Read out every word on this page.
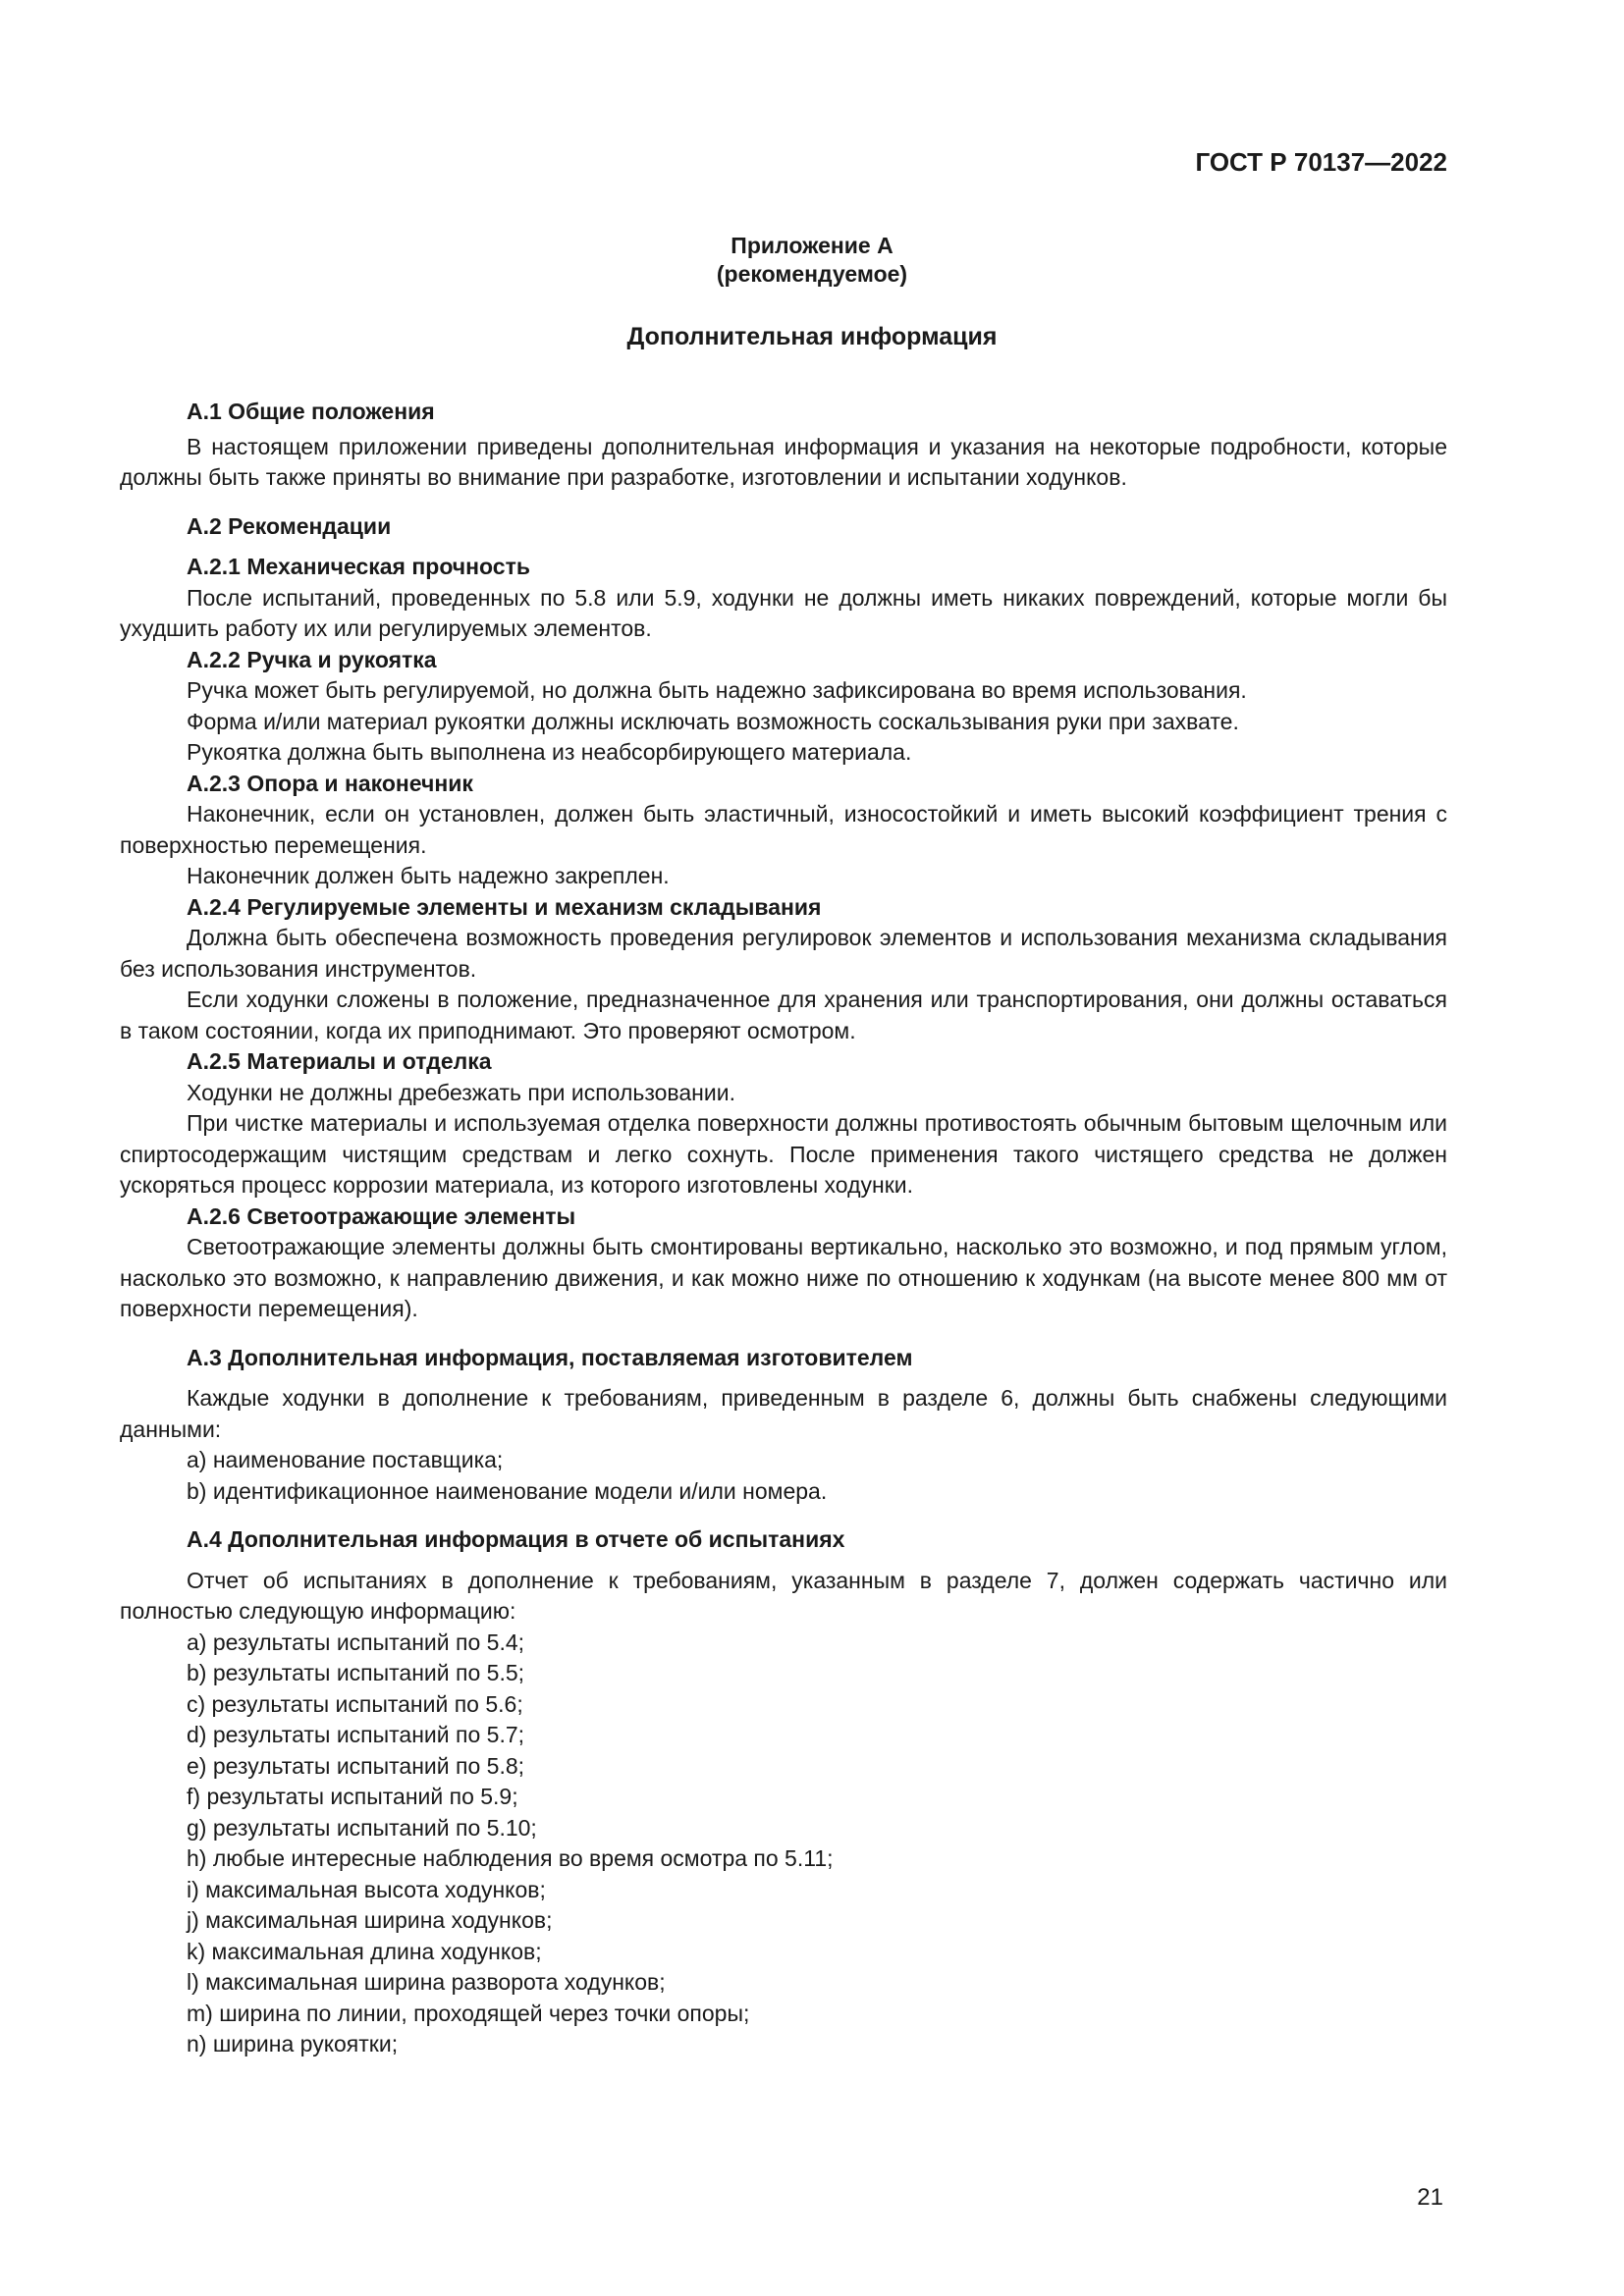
ГОСТ Р 70137—2022
Приложение А
(рекомендуемое)
Дополнительная информация
А.1 Общие положения

В настоящем приложении приведены дополнительная информация и указания на некоторые подробности, которые должны быть также приняты во внимание при разработке, изготовлении и испытании ходунков.

А.2 Рекомендации
А.2.1 Механическая прочность

После испытаний, проведенных по 5.8 или 5.9, ходунки не должны иметь никаких повреждений, которые могли бы ухудшить работу их или регулируемых элементов.

А.2.2 Ручка и рукоятка

Ручка может быть регулируемой, но должна быть надежно зафиксирована во время использования.

Форма и/или материал рукоятки должны исключать возможность соскальзывания руки при захвате.

Рукоятка должна быть выполнена из неабсорбирующего материала.

А.2.3 Опора и наконечник

Наконечник, если он установлен, должен быть эластичный, износостойкий и иметь высокий коэффициент трения с поверхностью перемещения.

Наконечник должен быть надежно закреплен.

А.2.4 Регулируемые элементы и механизм складывания

Должна быть обеспечена возможность проведения регулировок элементов и использования механизма складывания без использования инструментов.

Если ходунки сложены в положение, предназначенное для хранения или транспортирования, они должны оставаться в таком состоянии, когда их приподнимают. Это проверяют осмотром.

А.2.5 Материалы и отделка

Ходунки не должны дребезжать при использовании.

При чистке материалы и используемая отделка поверхности должны противостоять обычным бытовым щелочным или спиртосодержащим чистящим средствам и легко сохнуть. После применения такого чистящего средства не должен ускоряться процесс коррозии материала, из которого изготовлены ходунки.

А.2.6 Светоотражающие элементы

Светоотражающие элементы должны быть смонтированы вертикально, насколько это возможно, и под прямым углом, насколько это возможно, к направлению движения, и как можно ниже по отношению к ходункам (на высоте менее 800 мм от поверхности перемещения).

А.3 Дополнительная информация, поставляемая изготовителем

Каждые ходунки в дополнение к требованиям, приведенным в разделе 6, должны быть снабжены следующими данными:

a) наименование поставщика;
b) идентификационное наименование модели и/или номера.
А.4 Дополнительная информация в отчете об испытаниях

Отчет об испытаниях в дополнение к требованиям, указанным в разделе 7, должен содержать частично или полностью следующую информацию:

a) результаты испытаний по 5.4;
b) результаты испытаний по 5.5;
c) результаты испытаний по 5.6;
d) результаты испытаний по 5.7;
e) результаты испытаний по 5.8;
f) результаты испытаний по 5.9;
g) результаты испытаний по 5.10;
h) любые интересные наблюдения во время осмотра по 5.11;
i) максимальная высота ходунков;
j) максимальная ширина ходунков;
k) максимальная длина ходунков;
l) максимальная ширина разворота ходунков;
m) ширина по линии, проходящей через точки опоры;
n) ширина рукоятки;
21
